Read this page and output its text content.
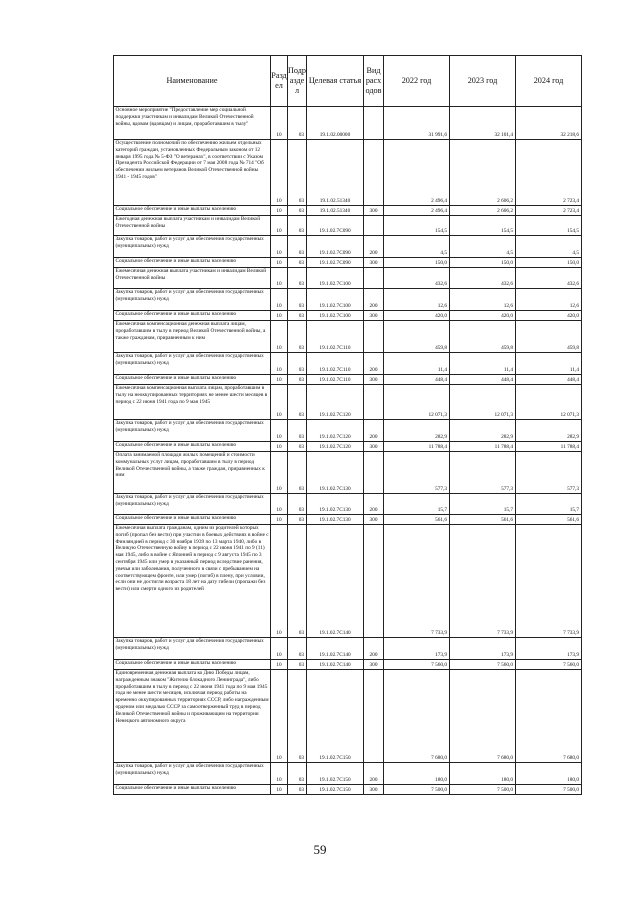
Наименование	Разд ел	Подр азде л	Целевая статья	Вид расх одов	2022 год	2023 год	2024 год
Основное мероприятие "Предоставление мер социальной поддержки участникам и инвалидам Великой Отечественной войны, вдовам (вдовцам) и лицам, проработавшим в тылу"	10	03	19.1.02.00000		31 991,6	32 101,4	32 218,6
Осуществление полномочий по обеспечению жильем отдельных категорий граждан, установленных Федеральным законом от 12 января 1995 года № 5-ФЗ "О ветеранах", в соответствии с Указом Президента Российской Федерации от 7 мая 2008 года № 714 "Об обеспечении жильем ветеранов Великой Отечественной войны 1941 - 1945 годов"	10	03	19.1.02.51340		2 496,4	2 606,2	2 723,4
Социальное обеспечение и иные выплаты населению	10	03	19.1.02.51340	300	2 496,4	2 606,2	2 723,4
Ежегодная денежная выплата участникам и инвалидам Великой Отечественной войны	10	03	19.1.02.7C090		154,5	154,5	154,5
Закупка товаров, работ и услуг для обеспечения государственных (муниципальных) нужд	10	03	19.1.02.7C090	200	4,5	4,5	4,5
Социальное обеспечение и иные выплаты населению	10	03	19.1.02.7C090	300	150,0	150,0	150,0
Ежемесячная денежная выплата участникам и инвалидам Великой Отечественной войны	10	03	19.1.02.7C100		432,6	432,6	432,6
Закупка товаров, работ и услуг для обеспечения государственных (муниципальных) нужд	10	03	19.1.02.7C100	200	12,6	12,6	12,6
Социальное обеспечение и иные выплаты населению	10	03	19.1.02.7C100	300	420,0	420,0	420,0
Ежемесячная компенсационная денежная выплата лицам, проработавшим в тылу в период Великой Отечественной войны, а также гражданам, приравненным к ним	10	03	19.1.02.7C110		459,8	459,8	459,8
Закупка товаров, работ и услуг для обеспечения государственных (муниципальных) нужд	10	03	19.1.02.7C110	200	11,4	11,4	11,4
Социальное обеспечение и иные выплаты населению	10	03	19.1.02.7C110	300	448,4	448,4	448,4
Ежемесячная компенсационная выплата лицам, проработавшим в тылу на неоккупированных территориях не менее шести месяцев в период с 22 июня 1941 года по 9 мая 1945	10	03	19.1.02.7C120		12 071,3	12 071,3	12 071,3
Закупка товаров, работ и услуг для обеспечения государственных (муниципальных) нужд	10	03	19.1.02.7C120	200	282,9	282,9	282,9
Социальное обеспечение и иные выплаты населению	10	03	19.1.02.7C120	300	11 788,4	11 788,4	11 788,4
Оплата занимаемой площади жилых помещений и стоимости коммунальных услуг лицам, проработавшим в тылу в период Великой Отечественной войны, а также граждан, приравненных к ним	10	03	19.1.02.7C130		577,3	577,3	577,3
Закупка товаров, работ и услуг для обеспечения государственных (муниципальных) нужд	10	03	19.1.02.7C130	200	15,7	15,7	15,7
Социальное обеспечение и иные выплаты населению	10	03	19.1.02.7C130	300	561,6	561,6	561,6
Ежемесячная выплата гражданам, одним из родителей которых погиб (пропал без вести) при участии в боевых действиях в войне с Финляндией в период с 30 ноября 1939 по 13 марта 1940, либо в Великую Отечественную войну в период с 22 июня 1941 по 9 (11) мая 1945, либо в войне с Японией в период с 9 августа 1945 по 3 сентября 1945 или умер в указанный период вследствие ранения, увечья или заболевания, полученного в связи с пребыванием на соответствующем фронте, или умер (погиб) в плену, при условии, если они не достигли возраста 18 лет на дату гибели (пропажи без вести) или смерти одного из родителей	10	03	19.1.02.7C140		7 733,9	7 733,9	7 733,9
Закупка товаров, работ и услуг для обеспечения государственных (муниципальных) нужд	10	03	19.1.02.7C140	200	173,9	173,9	173,9
Социальное обеспечение и иные выплаты населению	10	03	19.1.02.7C140	300	7 560,0	7 560,0	7 560,0
Единовременная денежная выплата ко Дню Победы лицам, награжденным знаком "Жителю блокадного Ленинграда", либо проработавшим в тылу в период с 22 июня 1941 года по 9 мая 1945 года не менее шести месяцев, исключая период работы на временно оккупированных территориях СССР, либо награжденным орденом или медалью СССР за самоотверженный труд в период Великой Отечественной войны и проживающим на территории Ненецкого автономного округа	10	03	19.1.02.7C150		7 680,0	7 680,0	7 680,0
Закупка товаров, работ и услуг для обеспечения государственных (муниципальных) нужд	10	03	19.1.02.7C150	200	180,0	180,0	180,0
Социальное обеспечение и иные выплаты населению	10	03	19.1.02.7C150	300	7 500,0	7 500,0	7 500,0
59
